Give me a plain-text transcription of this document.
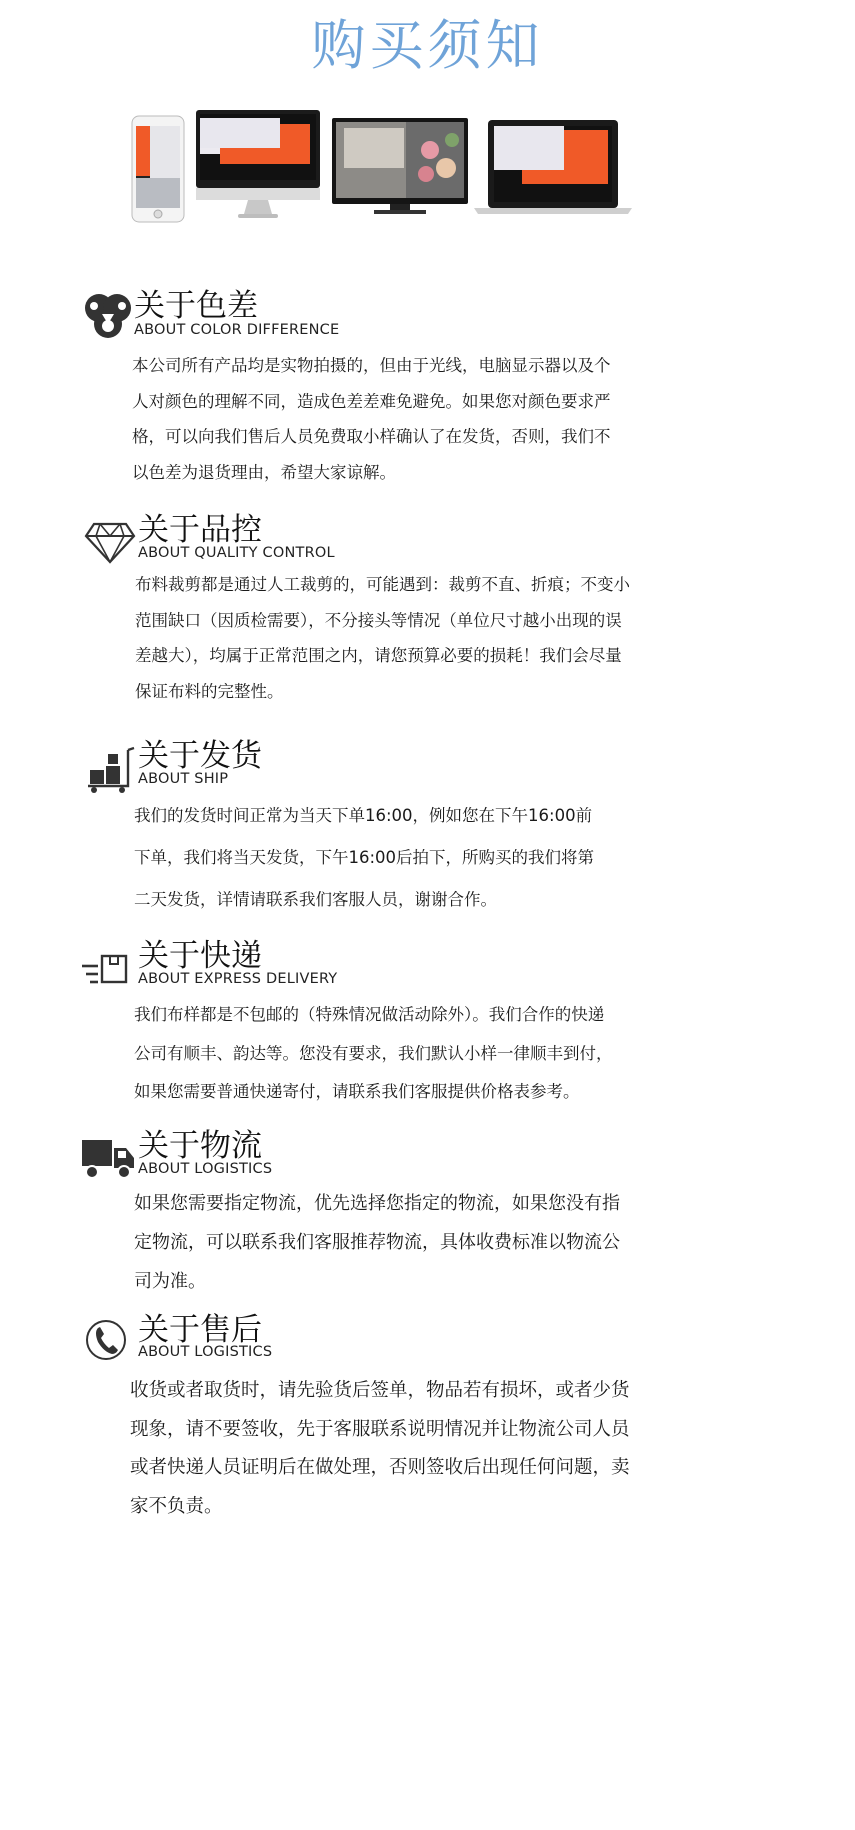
购买须知
关于色差
ABOUT COLOR DIFFERENCE

本公司所有产品均是实物拍摄的，但由于光线，电脑显示器以及个

人对颜色的理解不同，造成色差差难免避免。如果您对颜色要求严

格，可以向我们售后人员免费取小样确认了在发货，否则，我们不

以色差为退货理由，希望大家谅解。

关于品控
ABOUT QUALITY CONTROL

布料裁剪都是通过人工裁剪的，可能遇到：裁剪不直、折痕；不变小

范围缺口（因质检需要），不分接头等情况（单位尺寸越小出现的误

差越大），均属于正常范围之内，请您预算必要的损耗！我们会尽量

保证布料的完整性。

关于发货
ABOUT SHIP

我们的发货时间正常为当天下单16:00，例如您在下午16:00前

下单，我们将当天发货，下午16:00后拍下，所购买的我们将第

二天发货，详情请联系我们客服人员，谢谢合作。

关于快递
ABOUT EXPRESS DELIVERY

我们布样都是不包邮的（特殊情况做活动除外）。我们合作的快递

公司有顺丰、韵达等。您没有要求，我们默认小样一律顺丰到付，

如果您需要普通快递寄付，请联系我们客服提供价格表参考。

关于物流
ABOUT LOGISTICS

如果您需要指定物流，优先选择您指定的物流，如果您没有指

定物流，可以联系我们客服推荐物流，具体收费标准以物流公

司为准。

关于售后
ABOUT LOGISTICS

收货或者取货时，请先验货后签单，物品若有损坏，或者少货

现象，请不要签收，先于客服联系说明情况并让物流公司人员

或者快递人员证明后在做处理，否则签收后出现任何问题，卖

家不负责。
